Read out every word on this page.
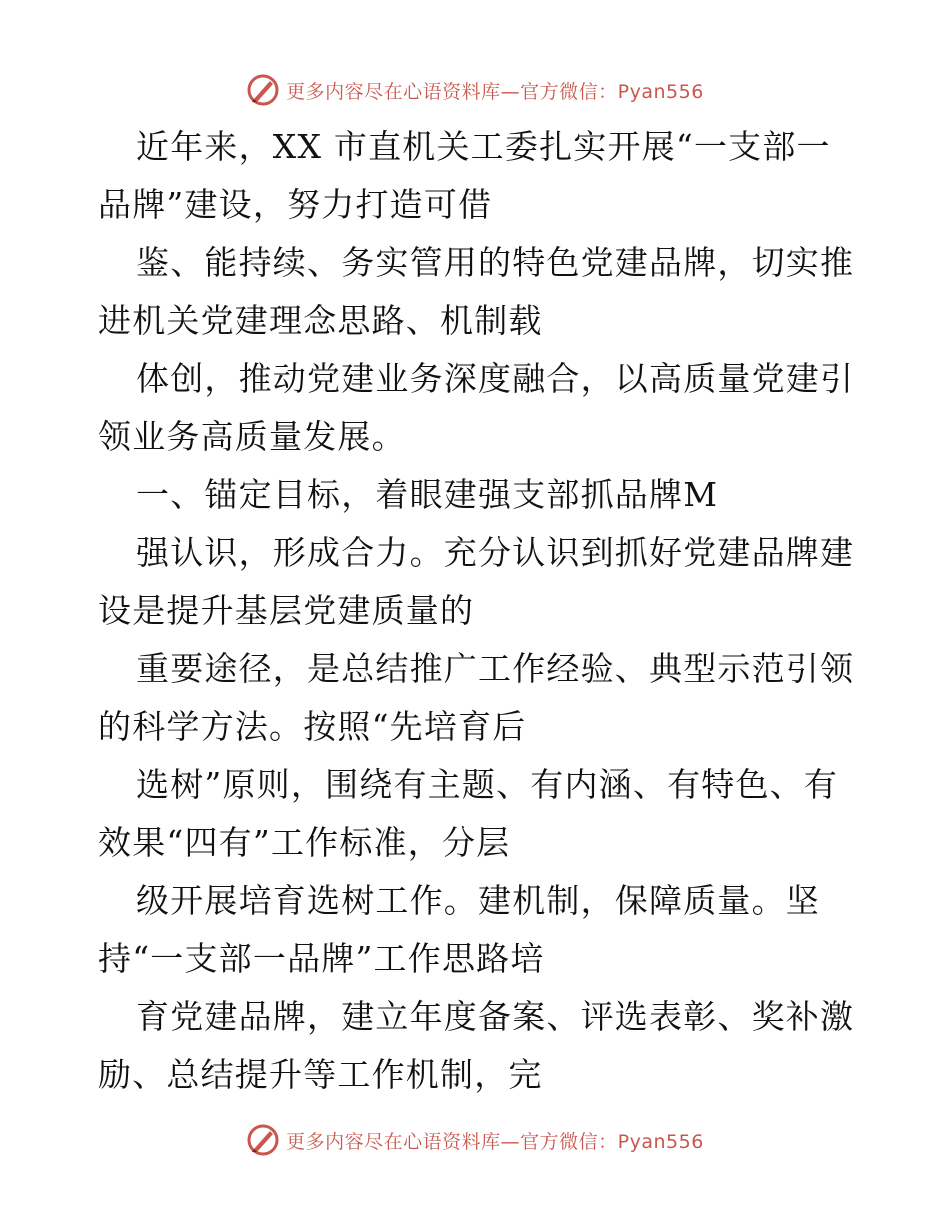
更多内容尽在心语资料库—官方微信：Pyan556
近年来，XX 市直机关工委扎实开展“一支部一
品牌”建设，努力打造可借
鉴、能持续、务实管用的特色党建品牌，切实推
进机关党建理念思路、机制载
体创，推动党建业务深度融合，以高质量党建引
领业务高质量发展。
一、锚定目标，着眼建强支部抓品牌M
强认识，形成合力。充分认识到抓好党建品牌建
设是提升基层党建质量的
重要途径，是总结推广工作经验、典型示范引领
的科学方法。按照“先培育后
选树”原则，围绕有主题、有内涵、有特色、有
效果“四有”工作标准，分层
级开展培育选树工作。建机制，保障质量。坚
持“一支部一品牌”工作思路培
育党建品牌，建立年度备案、评选表彰、奖补激
励、总结提升等工作机制，完
更多内容尽在心语资料库—官方微信：Pyan556
